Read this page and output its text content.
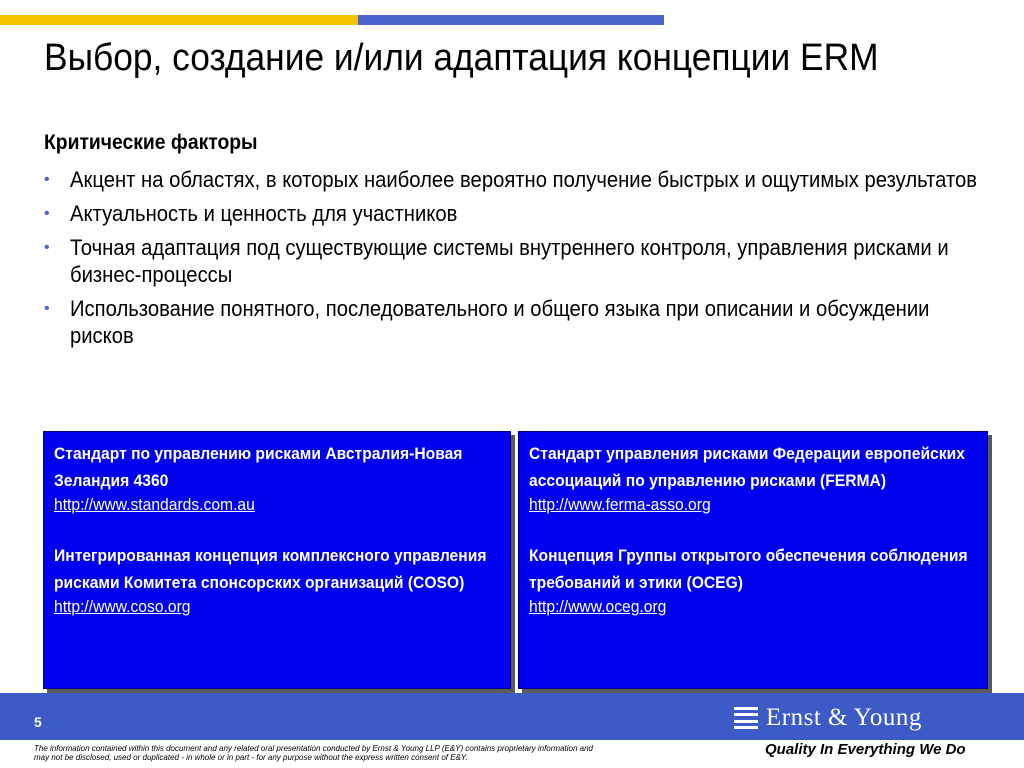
Выбор, создание и/или адаптация концепции ERM
Критические факторы
• Акцент на областях, в которых наиболее вероятно получение быстрых и ощутимых результатов
• Актуальность и ценность для участников
• Точная адаптация под существующие системы внутреннего контроля, управления рисками и бизнес-процессы
• Использование понятного, последовательного и общего языка при описании и обсуждении рисков
Стандарт по управлению рисками Австралия-Новая Зеландия 4360
http://www.standards.com.au
Интегрированная концепция комплексного управления рисками Комитета спонсорских организаций (COSO)
http://www.coso.org
Стандарт управления рисками Федерации европейских ассоциаций по управлению рисками (FERMA)
http://www.ferma-asso.org
Концепция Группы открытого обеспечения соблюдения требований и этики (OCEG)
http://www.oceg.org
5	Ernst & Young
Quality In Everything We Do
The information contained within this document and any related oral presentation conducted by Ernst & Young LLP (E&Y) contains proprietary information and may not be disclosed, used or duplicated - in whole or in part - for any purpose without the express written consent of E&Y.
